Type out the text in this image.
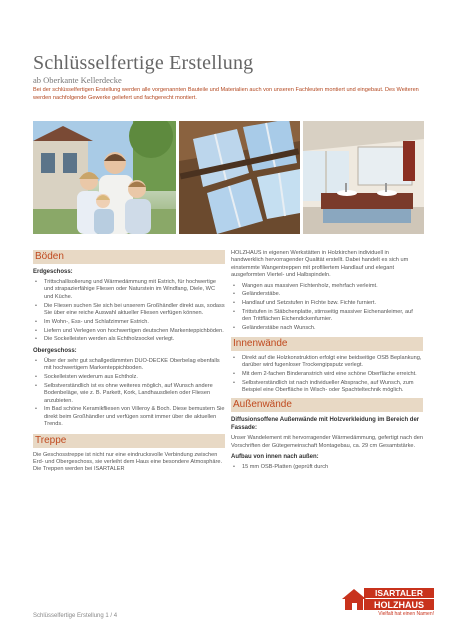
Schlüsselfertige Erstellung
ab Oberkante Kellerdecke

Bei der schlüsselfertigen Erstellung werden alle vorgenannten Bauteile und Materialien auch von unseren Fachleuten montiert und eingebaut. Des Weiteren werden nachfolgende Gewerke geliefert und fachgerecht montiert.

Böden
Erdgeschoss:
• Trittschallisolierung und Wärmedämmung mit Estrich, für hochwertige und strapazierfähige Fliesen oder Naturstein im Windfang, Diele, WC und Küche.
• Die Fliesen suchen Sie sich bei unserem Großhändler direkt aus, sodass Sie über eine reiche Auswahl aktueller Fliesen verfügen können.
• Im Wohn-, Ess- und Schlafzimmer Estrich.
• Liefern und Verlegen von hochwertigen deutschen Markenteppichböden.
• Die Sockelleisten werden als Echtholzsockel verlegt.
Obergeschoss:
• Über der sehr gut schallgedämmten DUO-DECKE Oberbelag ebenfalls mit hochwertigem Markenteppichboden.
• Sockelleisten wiederum aus Echtholz.
• Selbstverständlich ist es ohne weiteres möglich, auf Wunsch andere Bodenbeläge, wie z. B. Parkett, Kork, Landhausdielen oder Fliesen anzubieten.
• Im Bad schöne Keramikfliesen von Villeroy & Boch. Diese bemustern Sie direkt beim Großhändler und verfügen somit immer über die aktuellen Trends.
Treppe

Die Geschosstreppe ist nicht nur eine eindrucksvolle Verbindung zwischen Erd- und Obergeschoss, sie verleiht dem Haus eine besondere Atmosphäre. Die Treppen werden bei ISARTALER

HOLZHAUS in eigenen Werkstätten in Holzkirchen individuell in handwerklich hervorragender Qualität erstellt. Dabei handelt es sich um einstemmte Wangentreppen mit profiliertem Handlauf und elegant ausgeformten Viertel- und Halbspindeln.

• Wangen aus massiven Fichtenholz, mehrfach verleimt.
• Geländerstäbe.
• Handlauf und Setzstufen in Fichte bzw. Fichte furniert.
• Trittstufen in Stäbchenplatte, stirnseitig massiver Eichenanleimer, auf den Trittflächen Eichendickenfurnier.
• Geländerstäbe nach Wunsch.
Innenwände
• Direkt auf die Holzkonstruktion erfolgt eine beidseitige OSB Beplankung, darüber wird fugenloser Trockengipsputz verlegt.
• Mit dem 2-fachen Binderanstrich wird eine schöne Oberfläche erreicht.
• Selbstverständlich ist nach individueller Absprache, auf Wunsch, zum Beispiel eine Oberfläche in Wisch- oder Spachteltechnik möglich.
Außenwände
Diffusionsoffene Außenwände mit Holzverkleidung im Bereich der Fassade:

Unser Wandelement mit hervorragender Wärmedämmung, gefertigt nach den Vorschriften der Gütegemeinschaft Montagebau, ca. 29 cm Gesamtstärke.

Aufbau von innen nach außen:
• 15 mm OSB-Platten (geprüft durch
Schlüsselfertige Erstellung 1 / 4
ISARTALER
HOLZHAUS
Vielfalt hat einen Namen!
